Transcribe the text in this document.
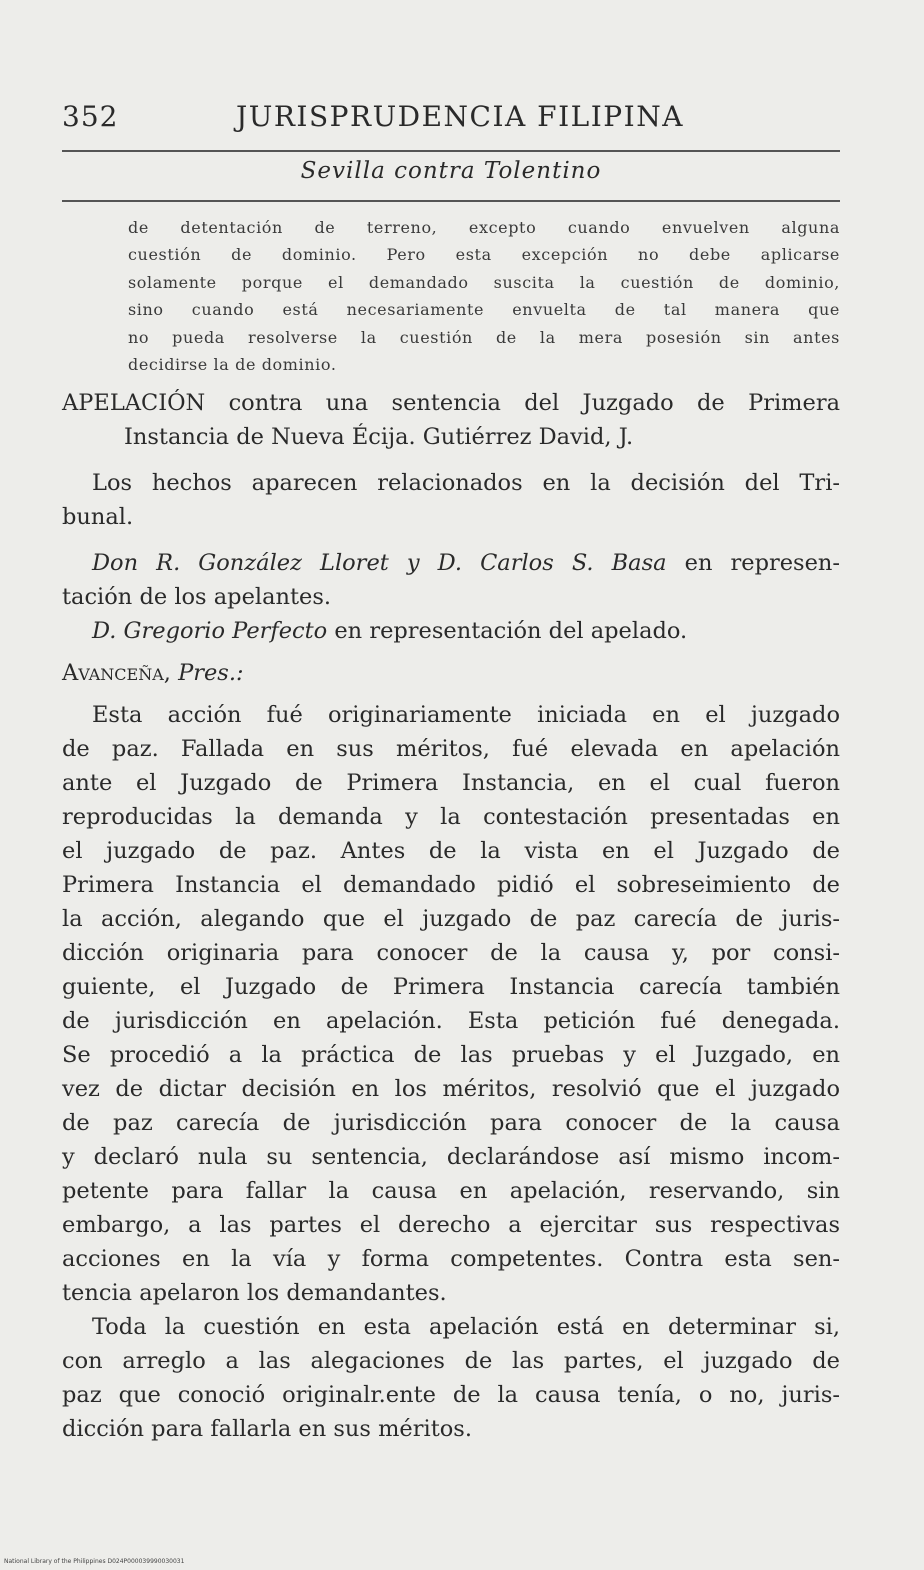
352	JURISPRUDENCIA FILIPINA
Sevilla contra Tolentino
de detentación de terreno, excepto cuando envuelven alguna
cuestión de dominio. Pero esta excepción no debe aplicarse
solamente porque el demandado suscita la cuestión de dominio,
sino cuando está necesariamente envuelta de tal manera que
no pueda resolverse la cuestión de la mera posesión sin antes
decidirse la de dominio.
APELACIÓN contra una sentencia del Juzgado de Primera
Instancia de Nueva Écija. Gutiérrez David, J.
Los hechos aparecen relacionados en la decisión del Tri-
bunal.
Don R. González Lloret y D. Carlos S. Basa en represen-
tación de los apelantes.
D. Gregorio Perfecto en representación del apelado.
Avanceña, Pres.:
Esta acción fué originariamente iniciada en el juzgado
de paz. Fallada en sus méritos, fué elevada en apelación
ante el Juzgado de Primera Instancia, en el cual fueron
reproducidas la demanda y la contestación presentadas en
el juzgado de paz. Antes de la vista en el Juzgado de
Primera Instancia el demandado pidió el sobreseimiento de
la acción, alegando que el juzgado de paz carecía de juris-
dicción originaria para conocer de la causa y, por consi-
guiente, el Juzgado de Primera Instancia carecía también
de jurisdicción en apelación. Esta petición fué denegada.
Se procedió a la práctica de las pruebas y el Juzgado, en
vez de dictar decisión en los méritos, resolvió que el juzgado
de paz carecía de jurisdicción para conocer de la causa
y declaró nula su sentencia, declarándose así mismo incom-
petente para fallar la causa en apelación, reservando, sin
embargo, a las partes el derecho a ejercitar sus respectivas
acciones en la vía y forma competentes. Contra esta sen-
tencia apelaron los demandantes.
Toda la cuestión en esta apelación está en determinar si,
con arreglo a las alegaciones de las partes, el juzgado de
paz que conoció originalr.ente de la causa tenía, o no, juris-
dicción para fallarla en sus méritos.
National Library of the Philippines D024P000039990030031
